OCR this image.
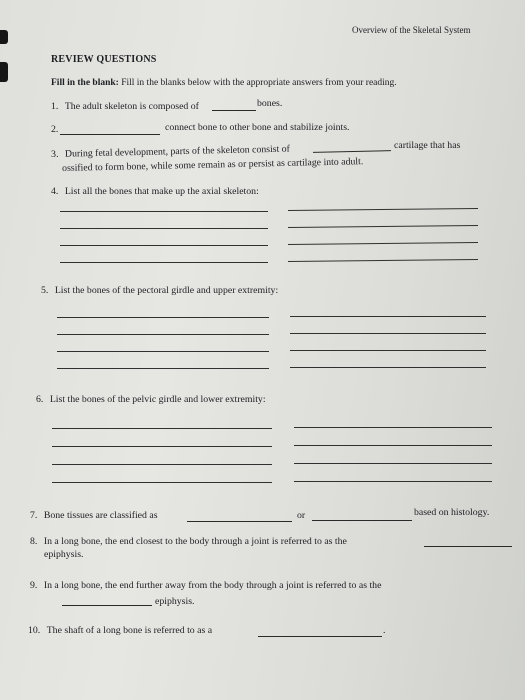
Overview of the Skeletal System
REVIEW QUESTIONS
Fill in the blank: Fill in the blanks below with the appropriate answers from your reading.
1. The adult skeleton is composed of	bones.
2.	connect bone to other bone and stabilize joints.
3. During fetal development, parts of the skeleton consist of	cartilage that has
ossified to form bone, while some remain as or persist as cartilage into adult.
4. List all the bones that make up the axial skeleton:
5. List the bones of the pectoral girdle and upper extremity:
6. List the bones of the pelvic girdle and lower extremity:
7. Bone tissues are classified as	or	based on histology.
8. In a long bone, the end closest to the body through a joint is referred to as the
epiphysis.
9. In a long bone, the end further away from the body through a joint is referred to as the
epiphysis.
10. The shaft of a long bone is referred to as a	.
